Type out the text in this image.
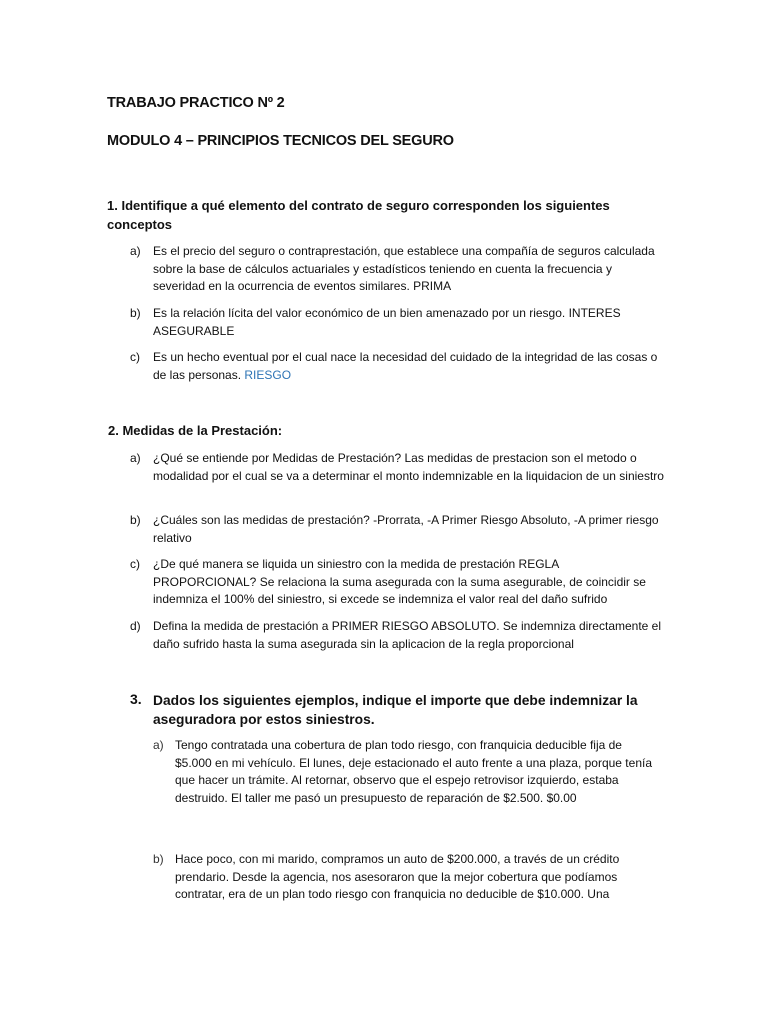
TRABAJO PRACTICO Nº 2
MODULO 4 – PRINCIPIOS TECNICOS DEL SEGURO

1. Identifique a qué elemento del contrato de seguro corresponden los siguientes conceptos

a) Es el precio del seguro o contraprestación, que establece una compañía de seguros calculada sobre la base de cálculos actuariales y estadísticos teniendo en cuenta la frecuencia y severidad en la ocurrencia de eventos similares. PRIMA
b) Es la relación lícita del valor económico de un bien amenazado por un riesgo. INTERES ASEGURABLE
c) Es un hecho eventual por el cual nace la necesidad del cuidado de la integridad de las cosas o de las personas. RIESGO

2. Medidas de la Prestación:

a) ¿Qué se entiende por Medidas de Prestación? Las medidas de prestacion son el metodo o modalidad por el cual se va a determinar el monto indemnizable en la liquidacion de un siniestro
b) ¿Cuáles son las medidas de prestación? -Prorrata, -A Primer Riesgo Absoluto, -A primer riesgo relativo
c) ¿De qué manera se liquida un siniestro con la medida de prestación REGLA PROPORCIONAL? Se relaciona la suma asegurada con la suma asegurable, de coincidir se indemniza el 100% del siniestro, si excede se indemniza el valor real del daño sufrido
d) Defina la medida de prestación a PRIMER RIESGO ABSOLUTO. Se indemniza directamente el daño sufrido hasta la suma asegurada sin la aplicacion de la regla proporcional
3. Dados los siguientes ejemplos, indique el importe que debe indemnizar la aseguradora por estos siniestros.

a) Tengo contratada una cobertura de plan todo riesgo, con franquicia deducible fija de $5.000 en mi vehículo. El lunes, deje estacionado el auto frente a una plaza, porque tenía que hacer un trámite. Al retornar, observo que el espejo retrovisor izquierdo, estaba destruido. El taller me pasó un presupuesto de reparación de $2.500. $0.00
b) Hace poco, con mi marido, compramos un auto de $200.000, a través de un crédito prendario. Desde la agencia, nos asesoraron que la mejor cobertura que podíamos contratar, era de un plan todo riesgo con franquicia no deducible de $10.000. Una
